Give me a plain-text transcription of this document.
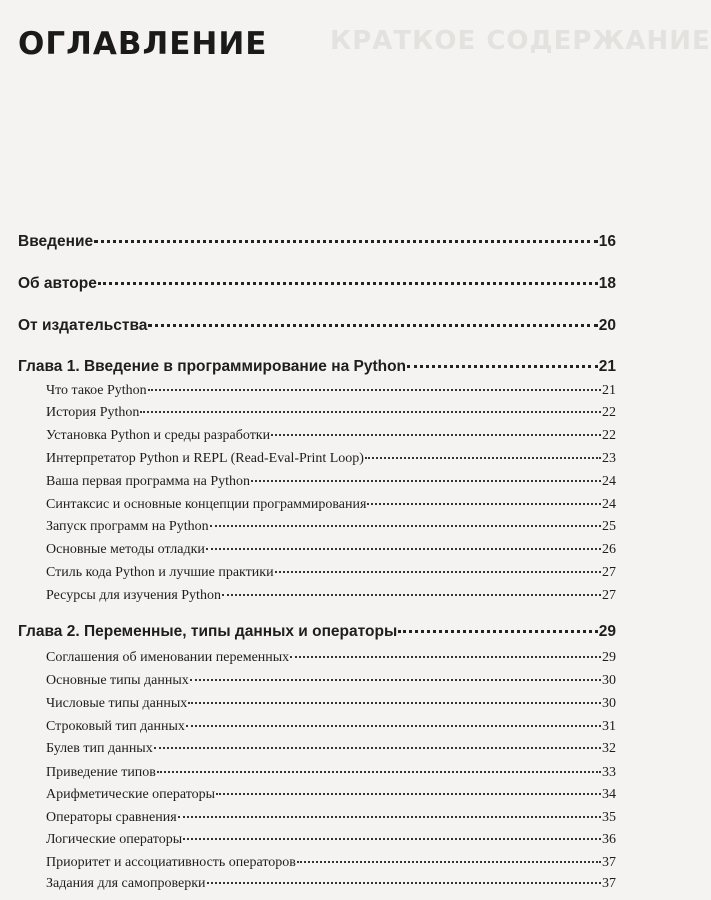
КРАТКОЕ СОДЕРЖАНИЕ
ОГЛАВЛЕНИЕ
Введение	16
Об авторе	18
От издательства	20
Глава 1. Введение в программирование на Python	21
Что такое Python	21
История Python	22
Установка Python и среды разработки	22
Интерпретатор Python и REPL (Read-Eval-Print Loop)	23
Ваша первая программа на Python	24
Синтаксис и основные концепции программирования	24
Запуск программ на Python	25
Основные методы отладки	26
Стиль кода Python и лучшие практики	27
Ресурсы для изучения Python	27
Глава 2. Переменные, типы данных и операторы	29
Соглашения об именовании переменных	29
Основные типы данных	30
Числовые типы данных	30
Строковый тип данных	31
Булев тип данных	32
Приведение типов	33
Арифметические операторы	34
Операторы сравнения	35
Логические операторы	36
Приоритет и ассоциативность операторов	37
Задания для самопроверки	37
